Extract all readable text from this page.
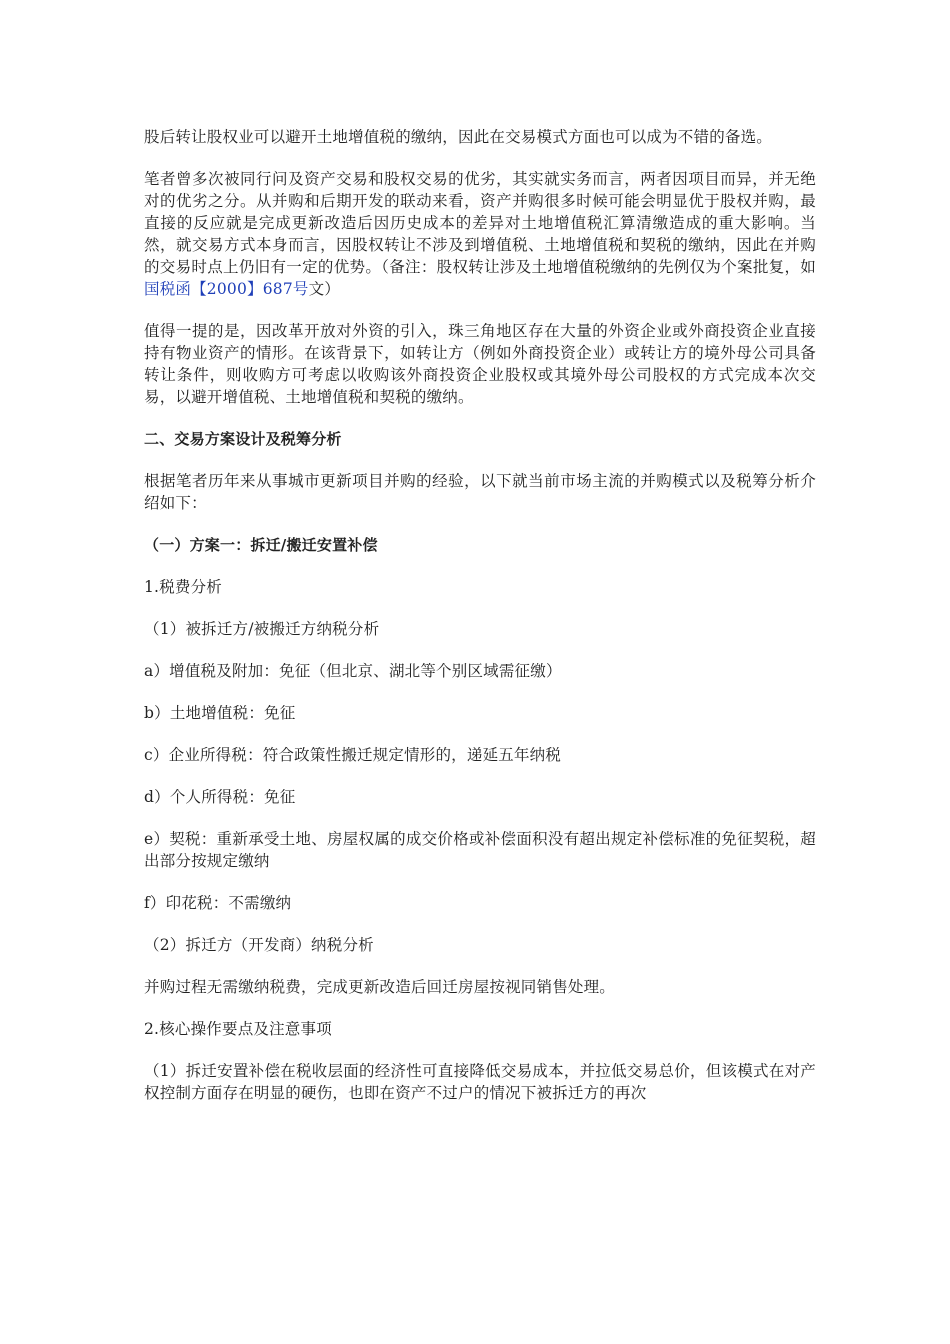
股后转让股权业可以避开土地增值税的缴纳，因此在交易模式方面也可以成为不错的备选。

笔者曾多次被同行问及资产交易和股权交易的优劣，其实就实务而言，两者因项目而异，并无绝对的优劣之分。从并购和后期开发的联动来看，资产并购很多时候可能会明显优于股权并购，最直接的反应就是完成更新改造后因历史成本的差异对土地增值税汇算清缴造成的重大影响。当然，就交易方式本身而言，因股权转让不涉及到增值税、土地增值税和契税的缴纳，因此在并购的交易时点上仍旧有一定的优势。（备注：股权转让涉及土地增值税缴纳的先例仅为个案批复，如国税函【2000】687号文）

值得一提的是，因改革开放对外资的引入，珠三角地区存在大量的外资企业或外商投资企业直接持有物业资产的情形。在该背景下，如转让方（例如外商投资企业）或转让方的境外母公司具备转让条件，则收购方可考虑以收购该外商投资企业股权或其境外母公司股权的方式完成本次交易，以避开增值税、土地增值税和契税的缴纳。

二、交易方案设计及税筹分析

根据笔者历年来从事城市更新项目并购的经验，以下就当前市场主流的并购模式以及税筹分析介绍如下：

（一）方案一：拆迁/搬迁安置补偿

1.税费分析

（1）被拆迁方/被搬迁方纳税分析

a）增值税及附加：免征（但北京、湖北等个别区域需征缴）

b）土地增值税：免征

c）企业所得税：符合政策性搬迁规定情形的，递延五年纳税

d）个人所得税：免征

e）契税：重新承受土地、房屋权属的成交价格或补偿面积没有超出规定补偿标准的免征契税，超出部分按规定缴纳

f）印花税：不需缴纳

（2）拆迁方（开发商）纳税分析

并购过程无需缴纳税费，完成更新改造后回迁房屋按视同销售处理。

2.核心操作要点及注意事项

（1）拆迁安置补偿在税收层面的经济性可直接降低交易成本，并拉低交易总价，但该模式在对产权控制方面存在明显的硬伤，也即在资产不过户的情况下被拆迁方的再次
